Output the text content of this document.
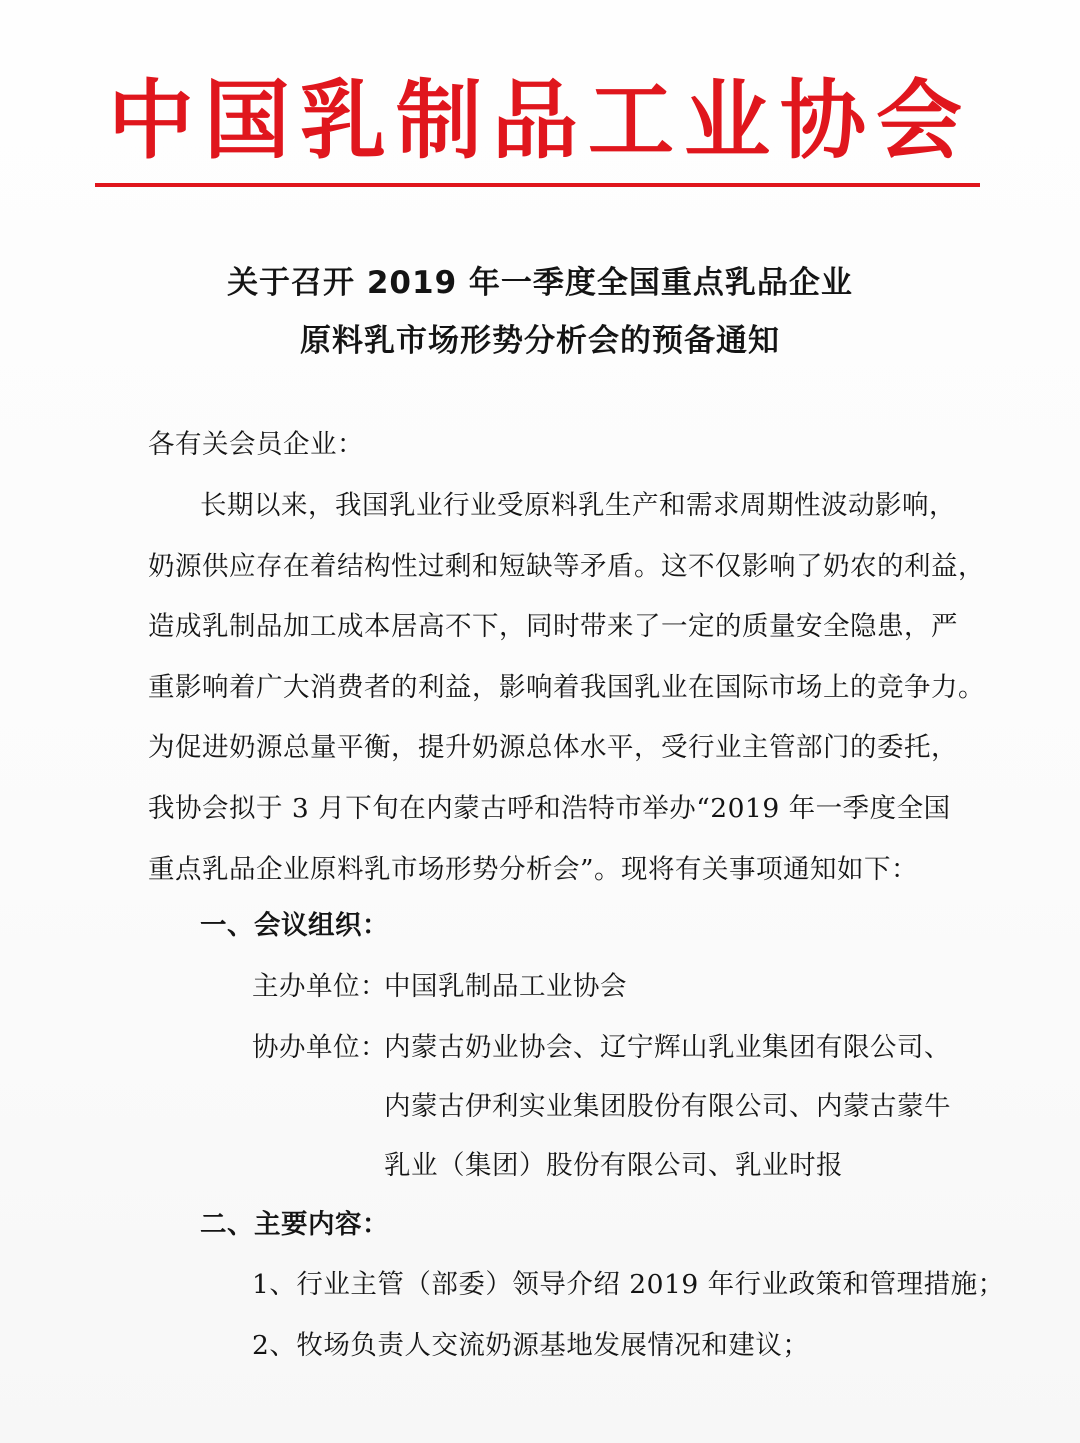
中国乳制品工业协会
关于召开 2019 年一季度全国重点乳品企业
原料乳市场形势分析会的预备通知
各有关会员企业：
长期以来，我国乳业行业受原料乳生产和需求周期性波动影响，
奶源供应存在着结构性过剩和短缺等矛盾。这不仅影响了奶农的利益，
造成乳制品加工成本居高不下，同时带来了一定的质量安全隐患，严
重影响着广大消费者的利益，影响着我国乳业在国际市场上的竞争力。
为促进奶源总量平衡，提升奶源总体水平，受行业主管部门的委托，
我协会拟于 3 月下旬在内蒙古呼和浩特市举办“2019 年一季度全国
重点乳品企业原料乳市场形势分析会”。现将有关事项通知如下：
一、会议组织：
主办单位：
中国乳制品工业协会
协办单位：
内蒙古奶业协会、辽宁辉山乳业集团有限公司、
内蒙古伊利实业集团股份有限公司、内蒙古蒙牛
乳业（集团）股份有限公司、乳业时报
二、主要内容：
1、行业主管（部委）领导介绍 2019 年行业政策和管理措施；
2、牧场负责人交流奶源基地发展情况和建议；
